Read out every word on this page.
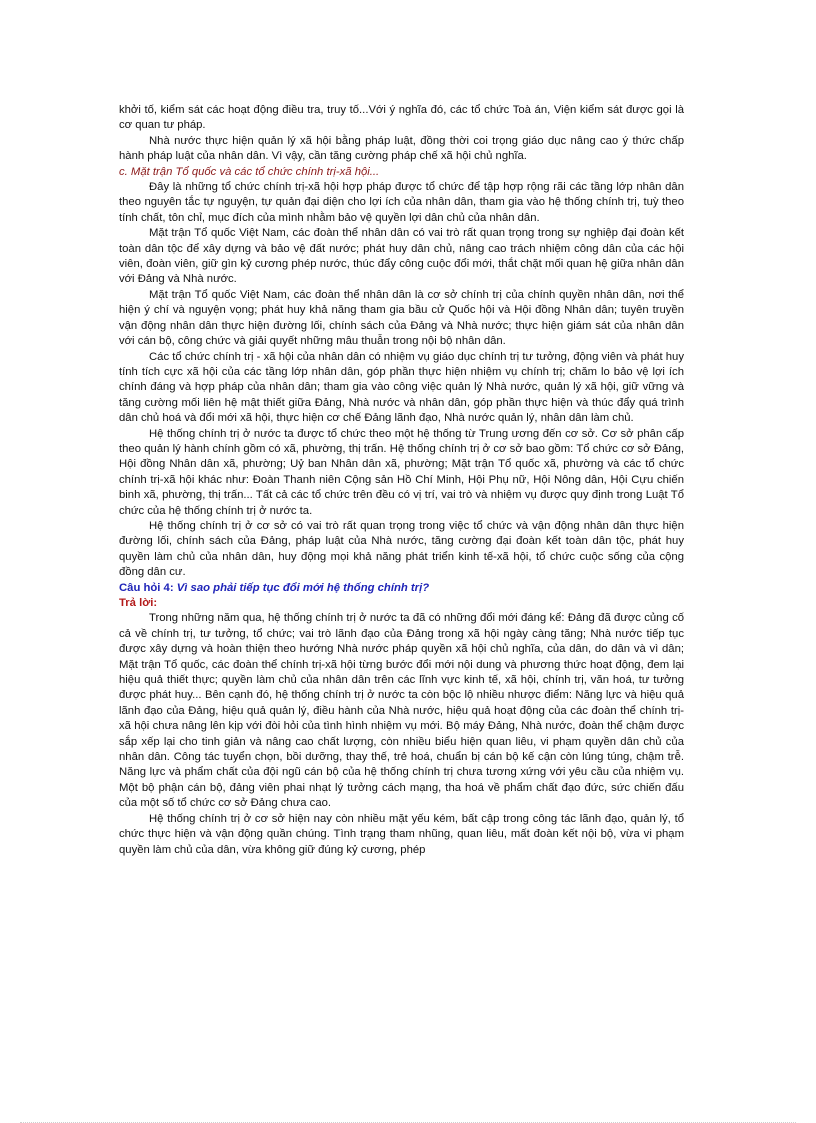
khởi tố, kiểm sát các hoạt động điều tra, truy tố...Với ý nghĩa đó, các tổ chức Toà án, Viện kiểm sát được gọi là cơ quan tư pháp.

Nhà nước thực hiện quản lý xã hội bằng pháp luật, đồng thời coi trọng giáo dục nâng cao ý thức chấp hành pháp luật của nhân dân. Vì vậy, cần tăng cường pháp chế xã hội chủ nghĩa.

c. Mặt trận Tổ quốc và các tổ chức chính trị-xã hội...

Đây là những tổ chức chính trị-xã hội hợp pháp được tổ chức để tập hợp rộng rãi các tầng lớp nhân dân theo nguyên tắc tự nguyện, tự quản đại diện cho lợi ích của nhân dân, tham gia vào hệ thống chính trị, tuỳ theo tính chất, tôn chỉ, mục đích của mình nhằm bảo vệ quyền lợi dân chủ của nhân dân.

Mặt trận Tổ quốc Việt Nam, các đoàn thể nhân dân có vai trò rất quan trọng trong sự nghiệp đại đoàn kết toàn dân tộc để xây dựng và bảo vệ đất nước; phát huy dân chủ, nâng cao trách nhiệm công dân của các hội viên, đoàn viên, giữ gìn kỷ cương phép nước, thúc đẩy công cuộc đổi mới, thắt chặt mối quan hệ giữa nhân dân với Đảng và Nhà nước.

Mặt trận Tổ quốc Việt Nam, các đoàn thể nhân dân là cơ sở chính trị của chính quyền nhân dân, nơi thể hiện ý chí và nguyện vọng; phát huy khả năng tham gia bầu cử Quốc hội và Hội đồng Nhân dân; tuyên truyền vận động nhân dân thực hiện đường lối, chính sách của Đảng và Nhà nước; thực hiện giám sát của nhân dân với cán bộ, công chức và giải quyết những mâu thuẫn trong nội bộ nhân dân.

Các tổ chức chính trị - xã hội của nhân dân có nhiệm vụ giáo dục chính trị tư tưởng, động viên và phát huy tính tích cực xã hội của các tầng lớp nhân dân, góp phần thực hiện nhiệm vụ chính trị; chăm lo bảo vệ lợi ích chính đáng và hợp pháp của nhân dân; tham gia vào công việc quản lý Nhà nước, quản lý xã hội, giữ vững và tăng cường mối liên hệ mật thiết giữa Đảng, Nhà nước và nhân dân, góp phần thực hiện và thúc đẩy quá trình dân chủ hoá và đổi mới xã hội, thực hiện cơ chế Đảng lãnh đạo, Nhà nước quản lý, nhân dân làm chủ.

Hệ thống chính trị ở nước ta được tổ chức theo một hệ thống từ Trung ương đến cơ sở. Cơ sở phân cấp theo quản lý hành chính gồm có xã, phường, thị trấn. Hệ thống chính trị ở cơ sở bao gồm: Tổ chức cơ sở Đảng, Hội đồng Nhân dân xã, phường; Uỷ ban Nhân dân xã, phường; Mặt trận Tổ quốc xã, phường và các tổ chức chính trị-xã hội khác như: Đoàn Thanh niên Cộng sản Hồ Chí Minh, Hội Phụ nữ, Hội Nông dân, Hội Cựu chiến binh xã, phường, thị trấn... Tất cả các tổ chức trên đều có vị trí, vai trò và nhiệm vụ được quy định trong Luật Tổ chức của hệ thống chính trị ở nước ta.

Hệ thống chính trị ở cơ sở có vai trò rất quan trọng trong việc tổ chức và vận động nhân dân thực hiện đường lối, chính sách của Đảng, pháp luật của Nhà nước, tăng cường đại đoàn kết toàn dân tộc, phát huy quyền làm chủ của nhân dân, huy động mọi khả năng phát triển kinh tế-xã hội, tổ chức cuộc sống của cộng đồng dân cư.

Câu hỏi 4: Vì sao phải tiếp tục đổi mới hệ thống chính trị?

Trả lời:

Trong những năm qua, hệ thống chính trị ở nước ta đã có những đổi mới đáng kể: Đảng đã được củng cố cả về chính trị, tư tưởng, tổ chức; vai trò lãnh đạo của Đảng trong xã hội ngày càng tăng; Nhà nước tiếp tục được xây dựng và hoàn thiện theo hướng Nhà nước pháp quyền xã hội chủ nghĩa, của dân, do dân và vì dân; Mặt trận Tổ quốc, các đoàn thể chính trị-xã hội từng bước đổi mới nội dung và phương thức hoạt động, đem lại hiệu quả thiết thực; quyền làm chủ của nhân dân trên các lĩnh vực kinh tế, xã hội, chính trị, văn hoá, tư tưởng được phát huy... Bên cạnh đó, hệ thống chính trị ở nước ta còn bộc lộ nhiều nhược điểm: Năng lực và hiệu quả lãnh đạo của Đảng, hiệu quả quản lý, điều hành của Nhà nước, hiệu quả hoạt động của các đoàn thể chính trị-xã hội chưa nâng lên kịp với đòi hỏi của tình hình nhiệm vụ mới. Bộ máy Đảng, Nhà nước, đoàn thể chậm được sắp xếp lại cho tinh giản và nâng cao chất lượng, còn nhiều biểu hiện quan liêu, vi phạm quyền dân chủ của nhân dân. Công tác tuyển chọn, bồi dưỡng, thay thế, trẻ hoá, chuẩn bị cán bộ kế cận còn lúng túng, chậm trễ. Năng lực và phẩm chất của đội ngũ cán bộ của hệ thống chính trị chưa tương xứng với yêu cầu của nhiệm vụ. Một bộ phận cán bộ, đảng viên phai nhạt lý tưởng cách mạng, tha hoá về phẩm chất đạo đức, sức chiến đấu của một số tổ chức cơ sở Đảng chưa cao.

Hệ thống chính trị ở cơ sở hiện nay còn nhiều mặt yếu kém, bất cập trong công tác lãnh đạo, quản lý, tổ chức thực hiện và vận động quần chúng. Tình trạng tham nhũng, quan liêu, mất đoàn kết nội bộ, vừa vi phạm quyền làm chủ của dân, vừa không giữ đúng kỷ cương, phép
